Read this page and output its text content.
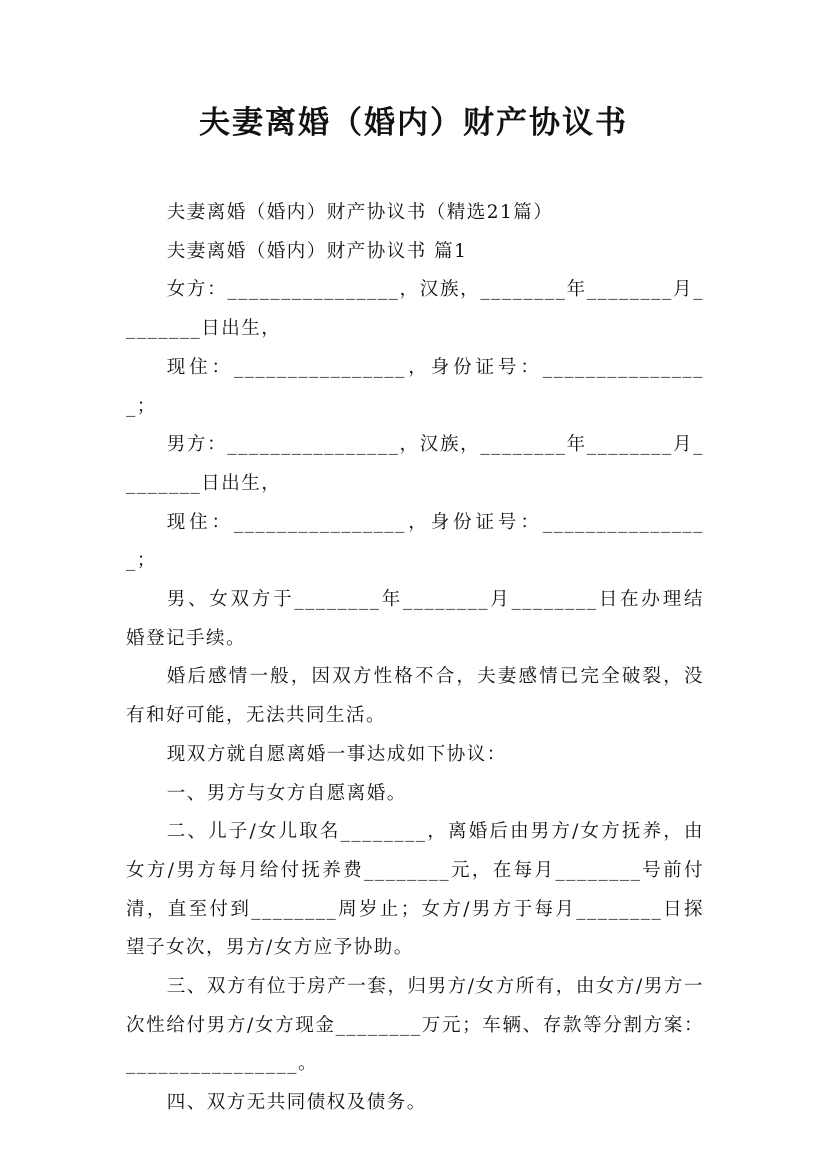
夫妻离婚（婚内）财产协议书

夫妻离婚（婚内）财产协议书（精选21篇）

夫妻离婚（婚内）财产协议书 篇1

女方：________________，汉族，________年________月________日出生，

现住：________________，身份证号：________________；

男方：________________，汉族，________年________月________日出生，

现住：________________，身份证号：________________；

男、女双方于________年________月________日在办理结婚登记手续。

婚后感情一般，因双方性格不合，夫妻感情已完全破裂，没有和好可能，无法共同生活。

现双方就自愿离婚一事达成如下协议：

一、男方与女方自愿离婚。

二、儿子/女儿取名________，离婚后由男方/女方抚养，由女方/男方每月给付抚养费________元，在每月________号前付清，直至付到________周岁止；女方/男方于每月________日探望子女次，男方/女方应予协助。

三、双方有位于房产一套，归男方/女方所有，由女方/男方一次性给付男方/女方现金________万元；车辆、存款等分割方案：________________。

四、双方无共同债权及债务。
